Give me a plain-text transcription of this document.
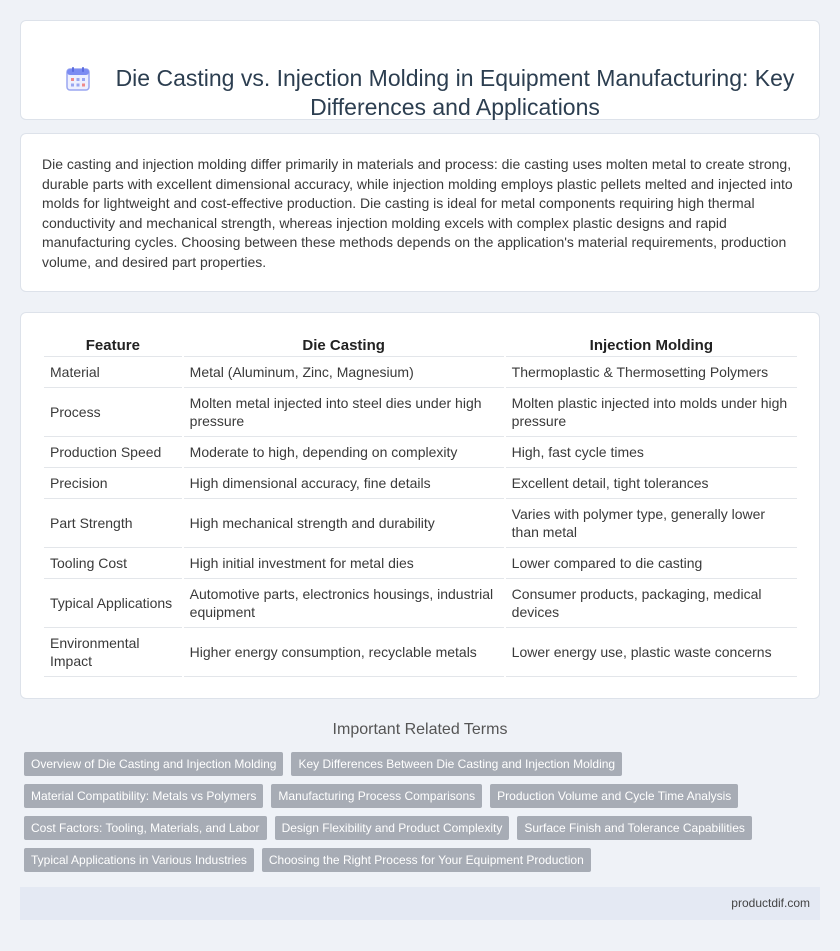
Die Casting vs. Injection Molding in Equipment Manufacturing: Key Differences and Applications

Die casting and injection molding differ primarily in materials and process: die casting uses molten metal to create strong, durable parts with excellent dimensional accuracy, while injection molding employs plastic pellets melted and injected into molds for lightweight and cost-effective production. Die casting is ideal for metal components requiring high thermal conductivity and mechanical strength, whereas injection molding excels with complex plastic designs and rapid manufacturing cycles. Choosing between these methods depends on the application's material requirements, production volume, and desired part properties.

Feature	Die Casting	Injection Molding
Material	Metal (Aluminum, Zinc, Magnesium)	Thermoplastic & Thermosetting Polymers
Process	Molten metal injected into steel dies under high pressure	Molten plastic injected into molds under high pressure
Production Speed	Moderate to high, depending on complexity	High, fast cycle times
Precision	High dimensional accuracy, fine details	Excellent detail, tight tolerances
Part Strength	High mechanical strength and durability	Varies with polymer type, generally lower than metal
Tooling Cost	High initial investment for metal dies	Lower compared to die casting
Typical Applications	Automotive parts, electronics housings, industrial equipment	Consumer products, packaging, medical devices
Environmental Impact	Higher energy consumption, recyclable metals	Lower energy use, plastic waste concerns
Important Related Terms
Overview of Die Casting and Injection Molding	Key Differences Between Die Casting and Injection Molding
Material Compatibility: Metals vs Polymers	Manufacturing Process Comparisons	Production Volume and Cycle Time Analysis
Cost Factors: Tooling, Materials, and Labor	Design Flexibility and Product Complexity	Surface Finish and Tolerance Capabilities
Typical Applications in Various Industries	Choosing the Right Process for Your Equipment Production
productdif.com
